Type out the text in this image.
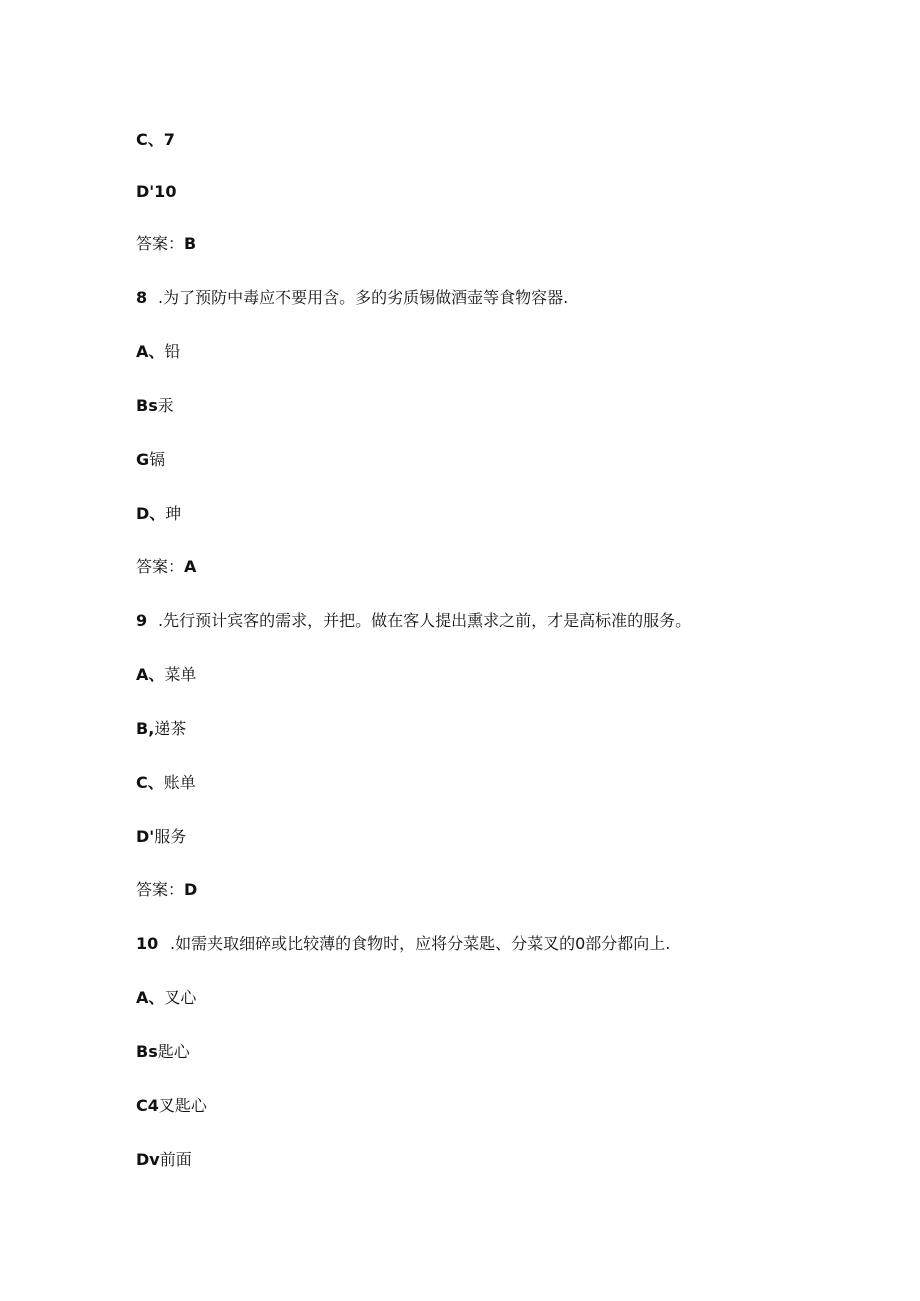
C、7
D'10
答案：B
8 .为了预防中毒应不要用含。多的劣质锡做酒壶等食物容器.
A、铅
Bs汞
G镉
D、珅
答案：A
9 .先行预计宾客的需求，并把。做在客人提出熏求之前，才是高标准的服务。
A、菜单
B,递茶
C、账单
D'服务
答案：D
10 .如需夹取细碎或比较薄的食物时，应将分菜匙、分菜叉的0部分都向上.
A、叉心
Bs匙心
C4叉匙心
Dv前面
